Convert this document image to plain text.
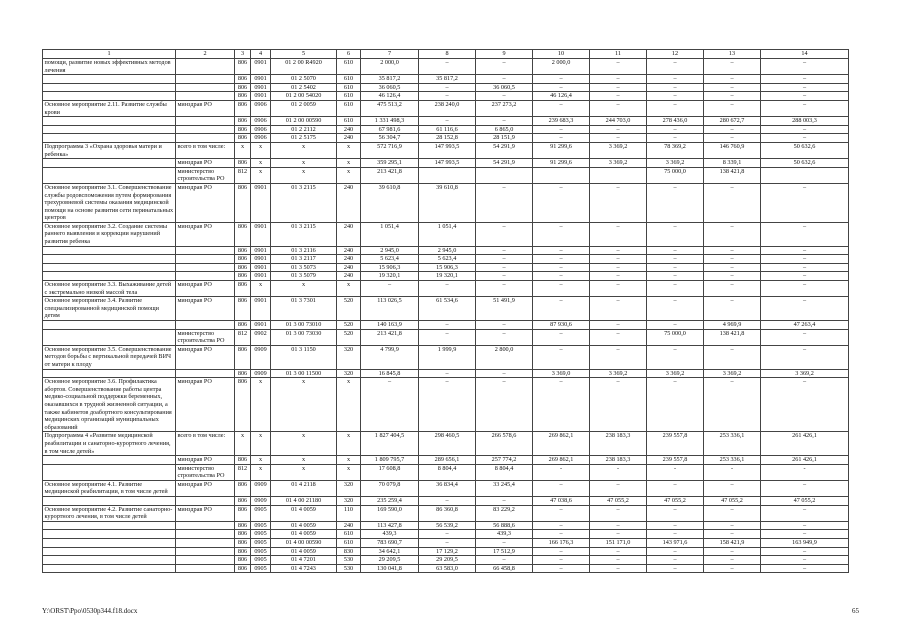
1	2	3	4	5	6	7	8	9	10	11	12	13	14
помощи, развитие новых эффективных методов лечения		806	0901	01 2 00 R4920	610	2 000,0	–	–	2 000,0	–	–	–	–
		806	0901	01 2 5070	610	35 817,2	35 817,2	–	–	–	–	–	–
		806	0901	01 2 5402	610	36 060,5	–	36 060,5	–	–	–	–	–
		806	0901	01 2 00 54020	610	46 126,4	–	–	46 126,4	–	–	–	–
Основное мероприятие 2.11. Развитие службы крови	минздрав РО	806	0906	01 2 0059	610	475 513,2	238 240,0	237 273,2	–	–	–	–	–
		806	0906	01 2 00 00590	610	1 331 498,3	–	–	239 683,3	244 703,0	278 436,0	280 672,7	288 003,3
		806	0906	01 2 2112	240	67 981,6	61 116,6	6 865,0	–	–	–	–	–
		806	0906	01 2 5175	240	56 304,7	28 152,8	28 151,9	–	–	–	–	–
Подпрограмма 3 «Охрана здоровья матери и ребенка»	всего в том числе:	x	x	x	x	572 716,9	147 993,5	54 291,9	91 299,6	3 369,2	78 369,2	146 760,9	50 632,6
	минздрав РО	806	x	x	x	359 295,1	147 993,5	54 291,9	91 299,6	3 369,2	3 369,2	8 339,1	50 632,6
	министерство строительства РО	812	x	x	x	213 421,8					75 000,0	138 421,8	
Основное мероприятие 3.1. Совершенствование службы родовспоможения путем формирования трехуровневой системы оказания медицинской помощи на основе развития сети перинатальных центров	минздрав РО	806	0901	01 3 2115	240	39 610,8	39 610,8	–	–	–	–	–	–
Основное мероприятие 3.2. Создание системы раннего выявления и коррекции нарушений развития ребенка	минздрав РО	806	0901	01 3 2115	240	1 051,4	1 051,4	–	–	–	–	–	–
		806	0901	01 3 2116	240	2 945,0	2 945,0	–	–	–	–	–	–
		806	0901	01 3 2117	240	5 623,4	5 623,4	–	–	–	–	–	–
		806	0901	01 3 5073	240	15 906,3	15 906,3	–	–	–	–	–	–
		806	0901	01 3 5079	240	19 320,1	19 320,1	–	–	–	–	–	–
Основное мероприятие 3.3. Выхаживание детей с экстремально низкой массой тела	минздрав РО	806	x	x	x	–	–	–	–	–	–	–	–
Основное мероприятие 3.4. Развитие специализированной медицинской помощи детям	минздрав РО	806	0901	01 3 7301	520	113 026,5	61 534,6	51 491,9	–	–	–	–	–
		806	0901	01 3 00 73010	520	140 163,9	–	–	87 930,6	–	–	4 969,9	47 263,4
	министерство строительства РО	812	0902	01 3 00 73030	520	213 421,8	–	–	–	–	75 000,0	138 421,8	–
Основное мероприятие 3.5. Совершенствование методов борьбы с вертикальной передачей ВИЧ от матери к плоду	минздрав РО	806	0909	01 3 1150	320	4 799,9	1 999,9	2 800,0	–	–	–	–	–
		806	0909	01 3 00 11500	320	16 845,8	–	–	3 369,0	3 369,2	3 369,2	3 369,2	3 369,2
Основное мероприятие 3.6. Профилактика абортов. Совершенствование работы центра медико-социальной поддержки беременных, оказавшихся в трудной жизненной ситуации, а также кабинетов доабортного консультирования медицинских организаций муниципальных образований	минздрав РО	806	x	x	x	–	–	–	–	–	–	–	–
Подпрограмма 4 «Развитие медицинской реабилитации и санаторно-курортного лечения, в том числе детей»	всего в том числе:	x	x	x	x	1 827 404,5	298 460,5	266 578,6	269 862,1	238 183,3	239 557,8	253 336,1	261 426,1
	минздрав РО	806	x	x	x	1 809 795,7	289 656,1	257 774,2	269 862,1	238 183,3	239 557,8	253 336,1	261 426,1
	министерство строительства РО	812	x	x	x	17 608,8	8 804,4	8 804,4	-	-	-	-	-
Основное мероприятие 4.1. Развитие медицинской реабилитации, в том числе детей	минздрав РО	806	0909	01 4 2118	320	70 079,8	36 834,4	33 245,4	–	–	–	–	–
		806	0909	01 4 00 21180	320	235 259,4	–	–	47 038,6	47 055,2	47 055,2	47 055,2	47 055,2
Основное мероприятие 4.2. Развитие санаторно-курортного лечения, в том числе детей	минздрав РО	806	0905	01 4 0059	110	169 590,0	86 360,8	83 229,2	–	–	–	–	–
		806	0905	01 4 0059	240	113 427,8	56 539,2	56 888,6	–	–	–	–	–
		806	0905	01 4 0059	610	439,3	–	439,3	–	–	–	–	–
		806	0905	01 4 00 00590	610	783 690,7	–	–	166 176,3	151 171,0	143 971,6	158 421,9	163 949,9
		806	0905	01 4 0059	830	34 642,1	17 129,2	17 512,9	–	–	–	–	–
		806	0905	01 4 7201	530	29 209,5	29 209,5	–	–	–	–	–	–
		806	0905	01 4 7243	530	130 041,8	63 583,0	66 458,8	–	–	–	–	–
Y:\ORST\Ppo\0530p344.f18.docx	65
